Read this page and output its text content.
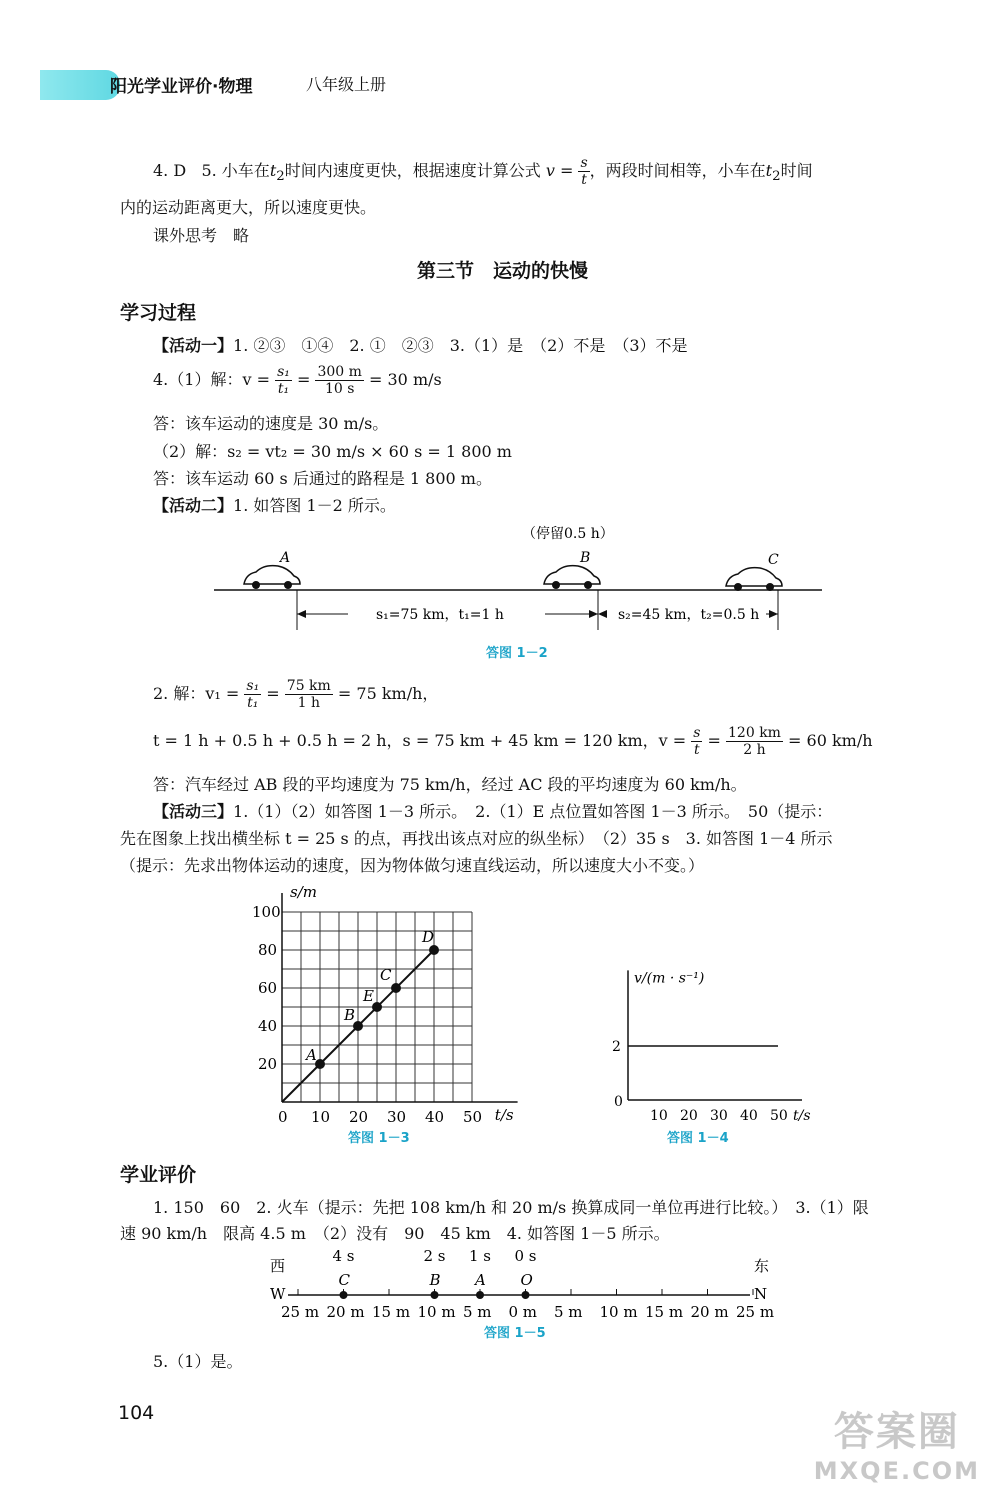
阳光学业评价·物理	八年级上册
4. D 5. 小车在$t_2$时间内速度更快，根据速度计算公式 $v = \frac{s}{t}$ ，两段时间相等，小车在$t_2$时间
内的运动距离更大，所以速度更快。
课外思考　略
第三节　运动的快慢
学习过程
【活动一】1. ②③　①④　2. ①　②③　3.（1）是　（2）不是　（3）不是
4.（1）解：$v = \frac{\text{s₁}}{\text{t₁}} = \frac{300 m}{10 s} = 30$ m/s
答：该车运动的速度是 30 m/s。
（2）解：s₂ = vt₂ = 30 m/s × 60 s = 1 800 m
答：该车运动 60 s 后通过的路程是 1 800 m。
【活动二】1. 如答图 1－2 所示。
（停留0.5 h）
A	B	C
s₁=75 km，t₁=1 h	s₂=45 km，t₂=0.5 h
答图 1－2
2. 解：$v_1 = \frac{\text{s₁}}{\text{t₁}} = \frac{75 km}{1 h} = 75$ km/h，
t = 1 h + 0.5 h + 0.5 h = 2 h，s = 75 km + 45 km = 120 km，$v = \frac{s}{t} = \frac{120 km}{2 h} = 60$ km/h
答：汽车经过 AB 段的平均速度为 75 km/h，经过 AC 段的平均速度为 60 km/h。
【活动三】1.（1）（2）如答图 1－3 所示。　2.（1）E 点位置如答图 1－3 所示。　50（提示：
先在图象上找出横坐标 t = 25 s 的点，再找出该点对应的纵坐标）　（2）35 s　3. 如答图 1－4 所示
（提示：先求出物体运动的速度，因为物体做匀速直线运动，所以速度大小不变。）
s/m
t/s
0 10 20 30 40 50
20
40
60
80
100
A
B
E
C
D
答图 1－3
v/(m · s⁻¹)
t/s
0
10 20 30 40 50
2
答图 1－4
学业评价
1. 150　60　2. 火车（提示：先把 108 km/h 和 20 m/s 换算成同一单位再进行比较。）　3.（1）限
速 90 km/h　限高 4.5 m　（2）没有　90　45 km　4. 如答图 1－5 所示。
西	东
W	N
25 m 20 m 15 m 10 m 5 m 0 m 5 m 10 m 15 m 20 m 25 m
C
4 s
B
2 s
A
1 s
O
0 s
答图 1－5
5.（1）是。
104	答案圈
MXQE.COM
